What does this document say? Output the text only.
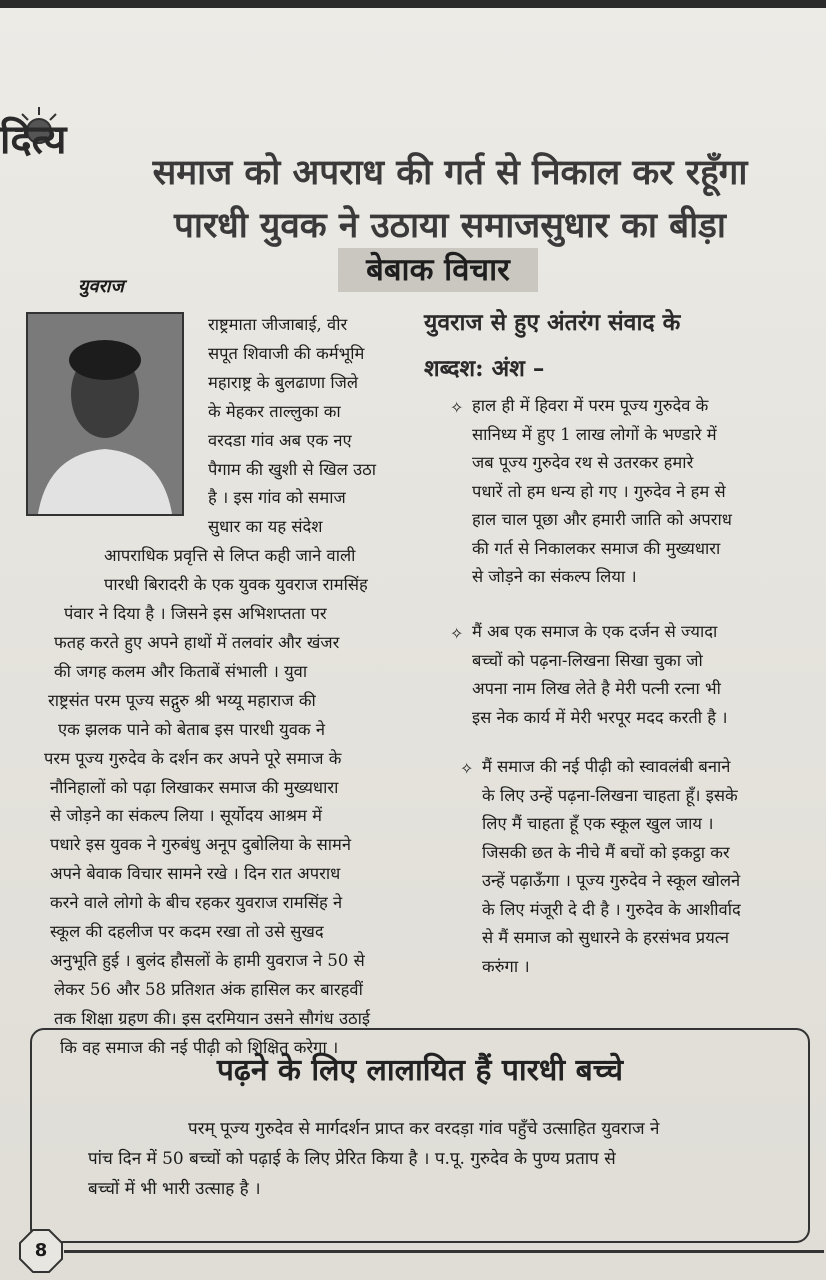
दित्य
समाज को अपराध की गर्त से निकाल कर रहूँगा
पारधी युवक ने उठाया समाजसुधार का बीड़ा
बेबाक विचार
युवराज
राष्ट्रमाता जीजाबाई, वीर
सपूत शिवाजी की कर्मभूमि
महाराष्ट्र के बुलढाणा जिले
के मेहकर ताल्लुका का
वरदडा गांव अब एक नए
पैगाम की खुशी से खिल उठा
है । इस गांव को समाज
सुधार का यह संदेश
आपराधिक प्रवृत्ति से लिप्त कही जाने वाली
पारधी बिरादरी के एक युवक युवराज रामसिंह
पंवार ने दिया है । जिसने इस अभिशप्तता पर
फतह करते हुए अपने हाथों में तलवांर और खंजर
की जगह कलम और किताबें संभाली । युवा
राष्ट्रसंत परम पूज्य सद्गुरु श्री भय्यू महाराज की
एक झलक पाने को बेताब इस पारधी युवक ने
परम पूज्य गुरुदेव के दर्शन कर अपने पूरे समाज के
नौनिहालों को पढ़ा लिखाकर समाज की मुख्यधारा
से जोड़ने का संकल्प लिया । सूर्योदय आश्रम में
पधारे इस युवक ने गुरुबंधु अनूप दुबोलिया के सामने
अपने बेवाक विचार सामने रखे । दिन रात अपराध
करने वाले लोगो के बीच रहकर युवराज रामसिंह ने
स्कूल की दहलीज पर कदम रखा तो उसे सुखद
अनुभूति हुई । बुलंद हौसलों के हामी युवराज ने 50 से
लेकर 56 और 58 प्रतिशत अंक हासिल कर बारहवीं
तक शिक्षा ग्रहण की। इस दरमियान उसने सौगंध उठाई
कि वह समाज की नई पीढ़ी को शिक्षित करेगा ।
युवराज से हुए अंतरंग संवाद के
शब्दश: अंश –
✧ हाल ही में हिवरा में परम पूज्य गुरुदेव के
सानिध्य में हुए 1 लाख लोगों के भण्डारे में
जब पूज्य गुरुदेव रथ से उतरकर हमारे
पधारें तो हम धन्य हो गए । गुरुदेव ने हम से
हाल चाल पूछा और हमारी जाति को अपराध
की गर्त से निकालकर समाज की मुख्यधारा
से जोड़ने का संकल्प लिया ।
✧ मैं अब एक समाज के एक दर्जन से ज्यादा
बच्चों को पढ़ना-लिखना सिखा चुका जो
अपना नाम लिख लेते है मेरी पत्नी रत्ना भी
इस नेक कार्य में मेरी भरपूर मदद करती है ।
✧ मैं समाज की नई पीढ़ी को स्वावलंबी बनाने
के लिए उन्हें पढ़ना-लिखना चाहता हूँ। इसके
लिए मैं चाहता हूँ एक स्कूल खुल जाय ।
जिसकी छत के नीचे मैं बचों को इकट्ठा कर
उन्हें पढ़ाऊँगा । पूज्य गुरुदेव ने स्कूल खोलने
के लिए मंजूरी दे दी है । गुरुदेव के आशीर्वाद
से मैं समाज को सुधारने के हरसंभव प्रयत्न
करुंगा ।
पढ़ने के लिए लालायित हैं पारधी बच्चे
परम् पूज्य गुरुदेव से मार्गदर्शन प्राप्त कर वरदड़ा गांव पहुँचे उत्साहित युवराज ने
पांच दिन में 50 बच्चों को पढ़ाई के लिए प्रेरित किया है । प.पू. गुरुदेव के पुण्य प्रताप से
बच्चों में भी भारी उत्साह है ।
8
